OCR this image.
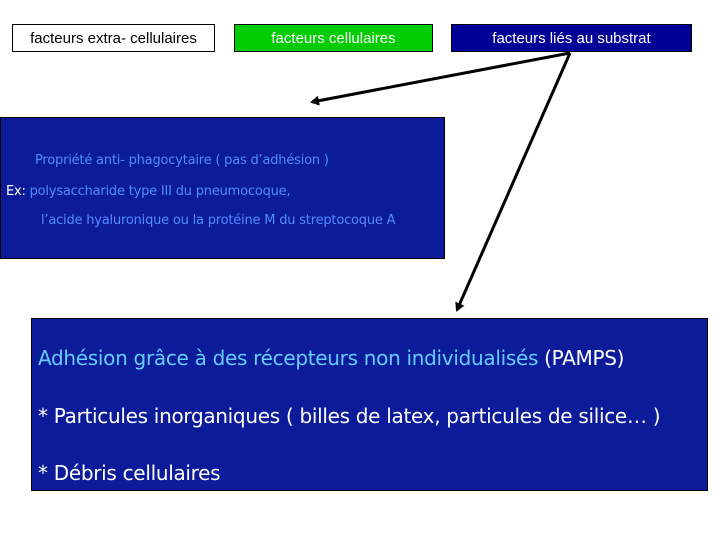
facteurs extra- cellulaires	facteurs cellulaires	facteurs liés au substrat
Propriété anti- phagocytaire ( pas d’adhésion )
Ex: polysaccharide type III du pneumocoque,
l’acide hyaluronique ou la protéine M du streptocoque A
Adhésion grâce à des récepteurs non individualisés (PAMPS)
* Particules inorganiques ( billes de latex, particules de silice… )
* Débris cellulaires
